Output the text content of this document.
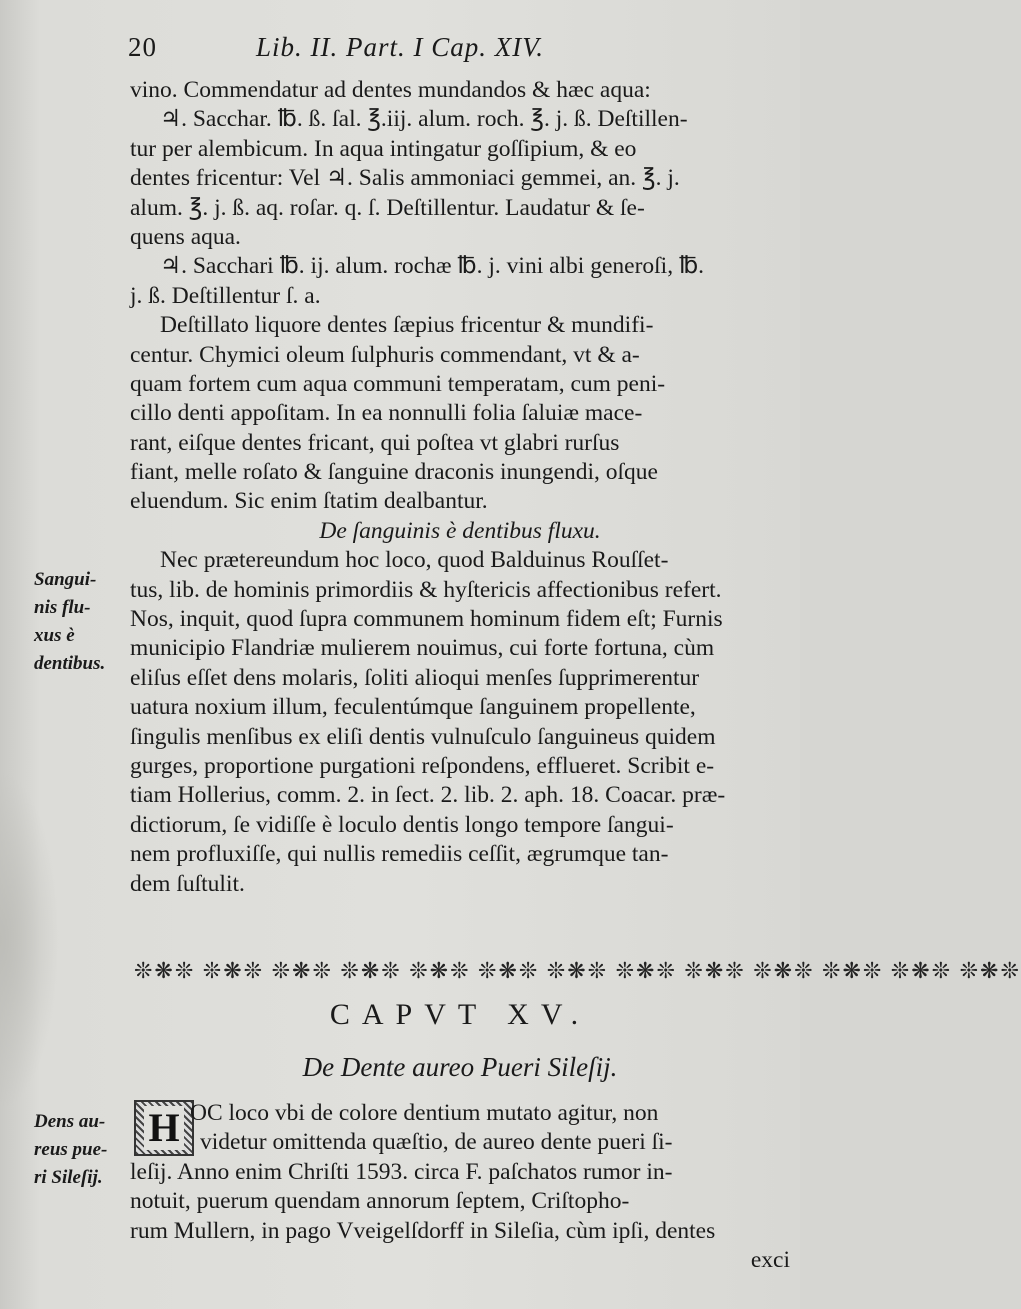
20	Lib. II. Part. I Cap. XIV.
vino. Commendatur ad dentes mundandos & hæc aqua:
♃. Sacchar. ℔. ß. ſal. ℥.iij. alum. roch. ℥. j. ß. Deſtillen-
tur per alembicum. In aqua intingatur goſſipium, & eo
dentes fricentur: Vel ♃. Salis ammoniaci gemmei, an. ℥. j.
alum. ℥. j. ß. aq. roſar. q. ſ. Deſtillentur. Laudatur & ſe-
quens aqua.
♃. Sacchari ℔. ij. alum. rochæ ℔. j. vini albi generoſi, ℔.
j. ß. Deſtillentur ſ. a.
Deſtillato liquore dentes ſæpius fricentur & mundifi-
centur. Chymici oleum ſulphuris commendant, vt & a-
quam fortem cum aqua communi temperatam, cum peni-
cillo denti appoſitam. In ea nonnulli folia ſaluiæ mace-
rant, eiſque dentes fricant, qui poſtea vt glabri rurſus
fiant, melle roſato & ſanguine draconis inungendi, oſque
eluendum. Sic enim ſtatim dealbantur.
De ſanguinis è dentibus fluxu.
Nec prætereundum hoc loco, quod Balduinus Rouſſet-
tus, lib. de hominis primordiis & hyſtericis affectionibus refert.
Nos, inquit, quod ſupra communem hominum fidem eſt; Furnis
municipio Flandriæ mulierem nouimus, cui forte fortuna, cùm
eliſus eſſet dens molaris, ſoliti alioqui menſes ſupprimerentur
uatura noxium illum, feculentúmque ſanguinem propellente,
ſingulis menſibus ex eliſi dentis vulnuſculo ſanguineus quidem
gurges, proportione purgationi reſpondens, efflueret. Scribit e-
tiam Hollerius, comm. 2. in ſect. 2. lib. 2. aph. 18. Coacar. præ-
dictiorum, ſe vidiſſe è loculo dentis longo tempore ſangui-
nem profluxiſſe, qui nullis remediis ceſſit, ægrumque tan-
dem ſuſtulit.
Sangui-
nis flu-
xus è
dentibus.
Dens au-
reus pue-
ri Sileſij.
❊❋❊ ❊❋❊ ❊❋❊ ❊❋❊ ❊❋❊ ❊❋❊ ❊❋❊ ❊❋❊ ❊❋❊ ❊❋❊ ❊❋❊ ❊❋❊ ❊❋❊
CAPVT XV.
De Dente aureo Pueri Sileſij.
H OC loco vbi de colore dentium mutato agitur, non
videtur omittenda quæſtio, de aureo dente pueri ſi-
leſij. Anno enim Chriſti 1593. circa F. paſchatos rumor in-
notuit, puerum quendam annorum ſeptem, Criſtopho-
rum Mullern, in pago Vveigelſdorff in Sileſia, cùm ipſi, dentes
exci
